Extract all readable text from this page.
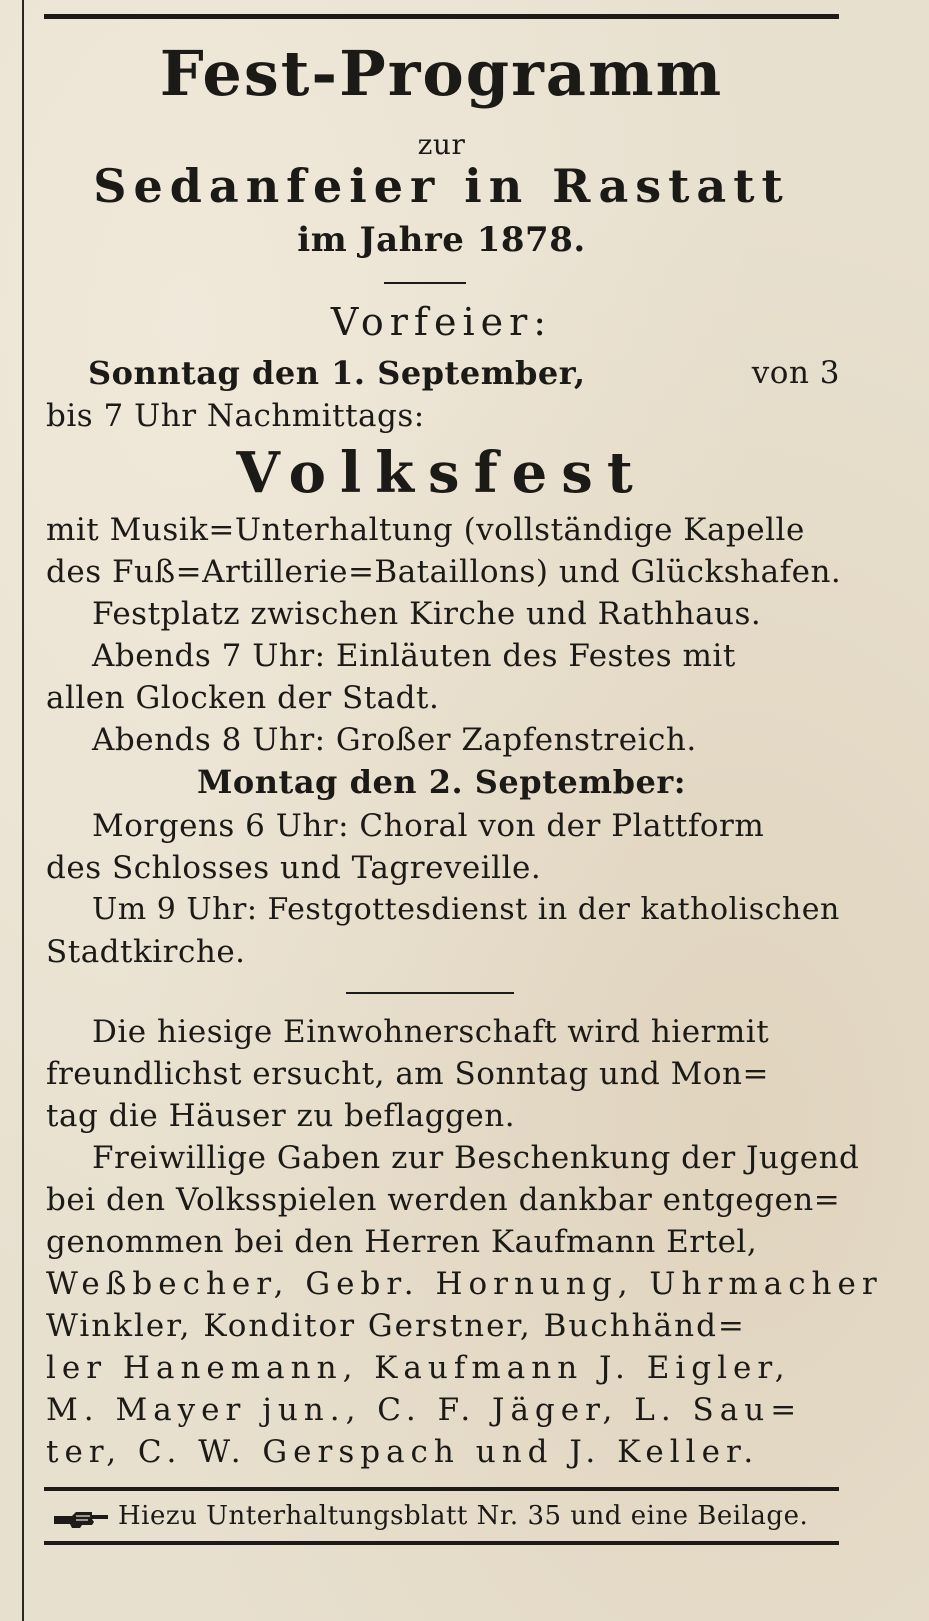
Fest-Programm
zur
Sedanfeier in Rastatt
im Jahre 1878.
Vorfeier:
Sonntag den 1. September,	von 3
bis 7 Uhr Nachmittags:
Volksfest
mit Musik=Unterhaltung (vollständige Kapelle
des Fuß=Artillerie=Bataillons) und Glückshafen.
Festplatz zwischen Kirche und Rathhaus.
Abends 7 Uhr: Einläuten des Festes mit
allen Glocken der Stadt.
Abends 8 Uhr: Großer Zapfenstreich.
Montag den 2. September:
Morgens 6 Uhr: Choral von der Plattform
des Schlosses und Tagreveille.
Um 9 Uhr: Festgottesdienst in der katholischen
Stadtkirche.
Die hiesige Einwohnerschaft wird hiermit
freundlichst ersucht, am Sonntag und Mon=
tag die Häuser zu beflaggen.
Freiwillige Gaben zur Beschenkung der Jugend
bei den Volksspielen werden dankbar entgegen=
genommen bei den Herren Kaufmann Ertel,
Weßbecher, Gebr. Hornung, Uhrmacher
Winkler, Konditor Gerstner, Buchhänd=
ler Hanemann, Kaufmann J. Eigler,
M. Mayer jun., C. F. Jäger, L. Sau=
ter, C. W. Gerspach und J. Keller.
Hiezu Unterhaltungsblatt Nr. 35 und eine Beilage.
